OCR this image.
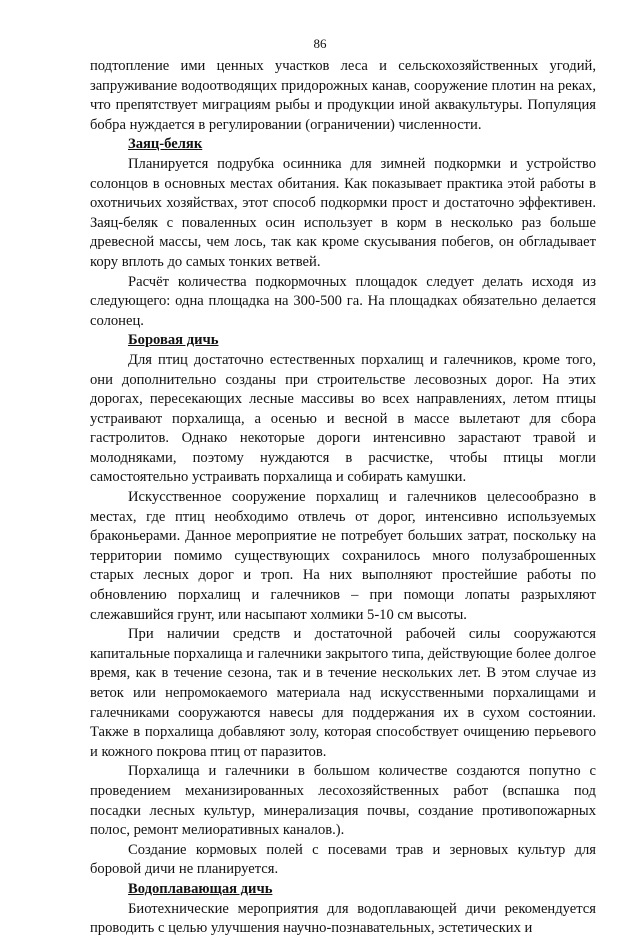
86

подтопление ими ценных участков леса и сельскохозяйственных угодий, запруживание водоотводящих придорожных канав, сооружение плотин на реках, что препятствует миграциям рыбы и продукции иной аквакультуры. Популяция бобра нуждается в регулировании (ограничении) численности.

Заяц-беляк

Планируется подрубка осинника для зимней подкормки и устройство солонцов в основных местах обитания. Как показывает практика этой работы в охотничьих хозяйствах, этот способ подкормки прост и достаточно эффективен. Заяц-беляк с поваленных осин использует в корм в несколько раз больше древесной массы, чем лось, так как кроме скусывания побегов, он обгладывает кору вплоть до самых тонких ветвей.

Расчёт количества подкормочных площадок следует делать исходя из следующего: одна площадка на 300-500 га. На площадках обязательно делается солонец.

Боровая дичь

Для птиц достаточно естественных порхалищ и галечников, кроме того, они дополнительно созданы при строительстве лесовозных дорог. На этих дорогах, пересекающих лесные массивы во всех направлениях, летом птицы устраивают порхалища, а осенью и весной в массе вылетают для сбора гастролитов. Однако некоторые дороги интенсивно зарастают травой и молодняками, поэтому нуждаются в расчистке, чтобы птицы могли самостоятельно устраивать порхалища и собирать камушки.

Искусственное сооружение порхалищ и галечников целесообразно в местах, где птиц необходимо отвлечь от дорог, интенсивно используемых браконьерами. Данное мероприятие не потребует больших затрат, поскольку на территории помимо существующих сохранилось много полузаброшенных старых лесных дорог и троп. На них выполняют простейшие работы по обновлению порхалищ и галечников – при помощи лопаты разрыхляют слежавшийся грунт, или насыпают холмики 5-10 см высоты.

При наличии средств и достаточной рабочей силы сооружаются капитальные порхалища и галечники закрытого типа, действующие более долгое время, как в течение сезона, так и в течение нескольких лет. В этом случае из веток или непромокаемого материала над искусственными порхалищами и галечниками сооружаются навесы для поддержания их в сухом состоянии. Также в порхалища добавляют золу, которая способствует очищению перьевого и кожного покрова птиц от паразитов.

Порхалища и галечники в большом количестве создаются попутно с проведением механизированных лесохозяйственных работ (вспашка под посадки лесных культур, минерализация почвы, создание противопожарных полос, ремонт мелиоративных каналов.).

Создание кормовых полей с посевами трав и зерновых культур для боровой дичи не планируется.

Водоплавающая дичь

Биотехнические мероприятия для водоплавающей дичи рекомендуется проводить с целью улучшения научно-познавательных, эстетических и
